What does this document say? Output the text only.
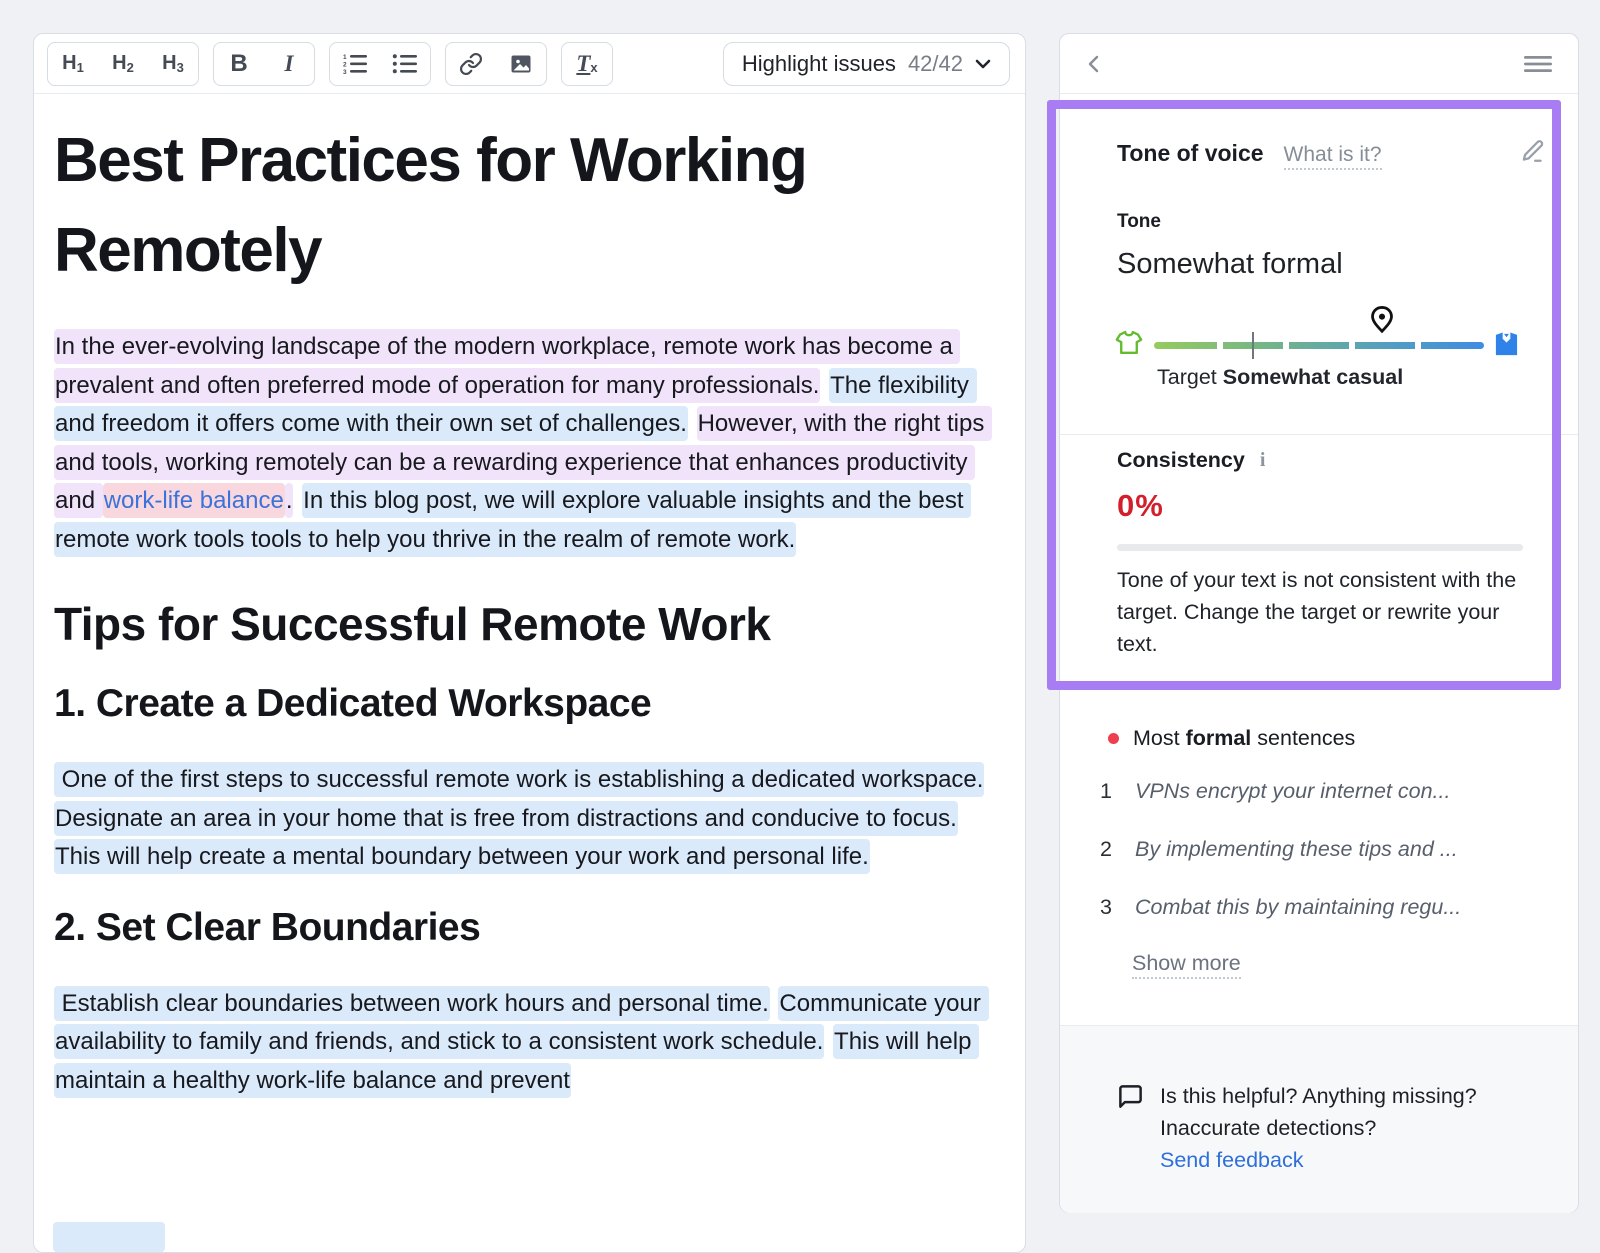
$H_1$ $H_2$ $H_3$ B I	1
2
3	T x	Highlight issues 42/42
Best Practices for Working Remotely

In the ever-evolving landscape of the modern workplace, remote work has become a prevalent and often preferred mode of operation for many professionals. The flexibility and freedom it offers come with their own set of challenges. However, with the right tips and tools, working remotely can be a rewarding experience that enhances productivity and work-life balance. In this blog post, we will explore valuable insights and the best remote work tools tools to help you thrive in the realm of remote work.

Tips for Successful Remote Work
1. Create a Dedicated Workspace

One of the first steps to successful remote work is establishing a dedicated workspace. Designate an area in your home that is free from distractions and conducive to focus. This will help create a mental boundary between your work and personal life.

2. Set Clear Boundaries

Establish clear boundaries between work hours and personal time. Communicate your availability to family and friends, and stick to a consistent work schedule. This will help maintain a healthy work-life balance and prevent

Tone of voice What is it?
Tone
Somewhat formal
Target Somewhat casual
Consistency i
0%
Tone of your text is not consistent with the target. Change the target or rewrite your text.
Most formal sentences
1 VPNs encrypt your internet con...
2 By implementing these tips and ...
3 Combat this by maintaining regu...
Show more
Is this helpful? Anything missing?
Inaccurate detections?
Send feedback
